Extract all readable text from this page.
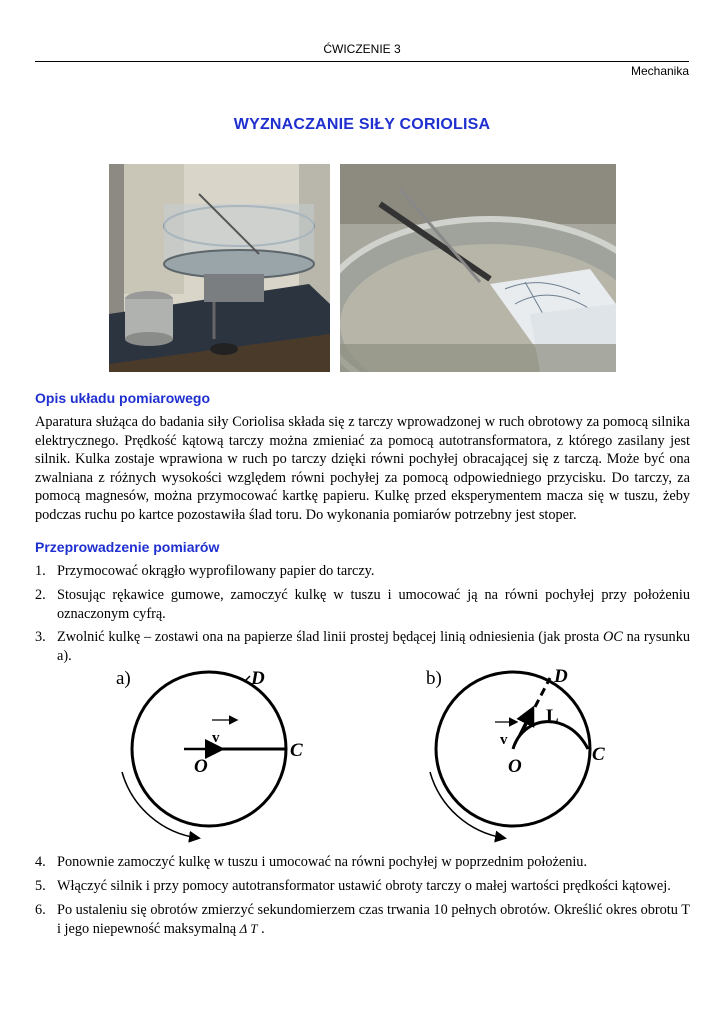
ĆWICZENIE 3
Mechanika
WYZNACZANIE SIŁY CORIOLISA
Opis układu pomiarowego
Aparatura służąca do badania siły Coriolisa składa się z tarczy wprowadzonej w ruch obrotowy za pomocą silnika elektrycznego. Prędkość kątową tarczy można zmieniać za pomocą autotransformatora, z którego zasilany jest silnik. Kulka zostaje wprawiona w ruch po tarczy dzięki równi pochyłej obracającej się z tarczą. Może być ona zwalniana z różnych wysokości względem równi pochyłej za pomocą odpowiedniego przycisku. Do tarczy, za pomocą magnesów, można przymocować kartkę papieru. Kulkę przed eksperymentem macza się w tuszu, żeby podczas ruchu po kartce pozostawiła ślad toru. Do wykonania pomiarów potrzebny jest stoper.
Przeprowadzenie pomiarów
1. Przymocować okrągło wyprofilowany papier do tarczy.
2. Stosując rękawice gumowe, zamoczyć kulkę w tuszu i umocować ją na równi pochyłej przy położeniu oznaczonym cyfrą.
3. Zwolnić kulkę – zostawi ona na papierze ślad linii prostej będącej linią odniesienia (jak prosta OC na rysunku a).
a)
v
D
C
O
b)
v
L
D
C
O
4. Ponownie zamoczyć kulkę w tuszu i umocować na równi pochyłej w poprzednim położeniu.
5. Włączyć silnik i przy pomocy autotransformator ustawić obroty tarczy o małej wartości prędkości kątowej.
6. Po ustaleniu się obrotów zmierzyć sekundomierzem czas trwania 10 pełnych obrotów. Określić okres obrotu T i jego niepewność maksymalną Δ T .
